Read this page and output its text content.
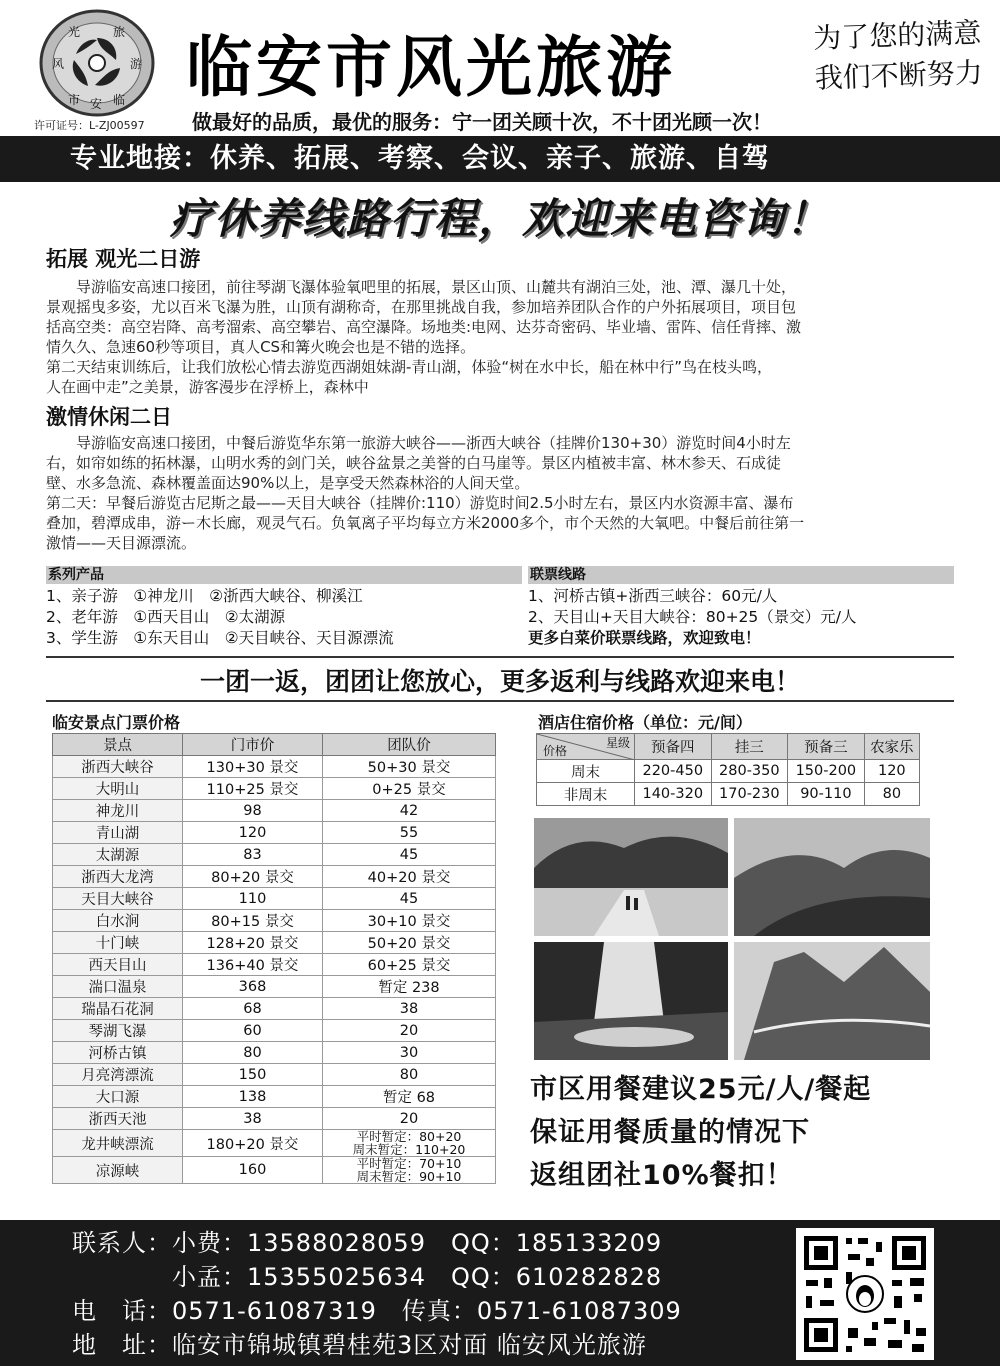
光	旅
风	游
市 安 临
许可证号：L-ZJ00597
临安市风光旅游	为了您的满意
我们不断努力
做最好的品质，最优的服务：宁一团关顾十次，不十团光顾一次！
专业地接：休养、拓展、考察、会议、亲子、旅游、自驾
疗休养线路行程，欢迎来电咨询！
拓展 观光二日游
　　导游临安高速口接团，前往琴湖飞瀑体验氧吧里的拓展，景区山顶、山麓共有湖泊三处，池、潭、瀑几十处，
景观摇曳多姿，尤以百米飞瀑为胜，山顶有湖称奇，在那里挑战自我，参加培养团队合作的户外拓展项目，项目包
括高空类：高空岩降、高考溜索、高空攀岩、高空瀑降。场地类:电网、达芬奇密码、毕业墙、雷阵、信任背摔、激
情久久、急速60秒等项目，真人CS和篝火晚会也是不错的选择。
第二天结束训练后，让我们放松心情去游览西湖姐妹湖-青山湖，体验“树在水中长，船在林中行”鸟在枝头鸣，
人在画中走”之美景，游客漫步在浮桥上，森林中
激情休闲二日
　　导游临安高速口接团，中餐后游览华东第一旅游大峡谷——浙西大峡谷（挂牌价130+30）游览时间4小时左
右，如帘如练的拓林瀑，山明水秀的剑门关，峡谷盆景之美誉的白马崖等。景区内植被丰富、林木参天、石成徒
壁、水多急流、森林覆盖面达90%以上，是享受天然森林浴的人间天堂。
第二天：早餐后游览古尼斯之最——天目大峡谷（挂牌价:110）游览时间2.5小时左右，景区内水资源丰富、瀑布
叠加，碧潭成串，游ー木长廊，观灵气石。负氧离子平均每立方米2000多个，市个天然的大氧吧。中餐后前往第一
激情——天目源漂流。
系列产品	联票线路
1、亲子游　①神龙川　②浙西大峡谷、柳溪江
2、老年游　①西天目山　②太湖源
3、学生游　①东天目山　②天目峡谷、天目源漂流
1、河桥古镇+浙西三峡谷：60元/人
2、天目山+天目大峡谷：80+25（景交）元/人
更多白菜价联票线路，欢迎致电！
一团一返，团团让您放心，更多返利与线路欢迎来电！
临安景点门票价格
景点	门市价	团队价
浙西大峡谷	130+30 景交	50+30 景交
大明山	110+25 景交	0+25 景交
神龙川	98	42
青山湖	120	55
太湖源	83	45
浙西大龙湾	80+20 景交	40+20 景交
天目大峡谷	110	45
白水涧	80+15 景交	30+10 景交
十门峡	128+20 景交	50+20 景交
西天目山	136+40 景交	60+25 景交
湍口温泉	368	暂定 238
瑞晶石花洞	68	38
琴湖飞瀑	60	20
河桥古镇	80	30
月亮湾漂流	150	80
大口源	138	暂定 68
浙西天池	38	20
龙井峡漂流	180+20 景交	平时暂定：80+20
周末暂定：110+20
凉源峡	160	平时暂定：70+10
周末暂定：90+10
酒店住宿价格（单位：元/间）
星级
价格	预备四	挂三	预备三	农家乐
周末	220-450	280-350	150-200	120
非周末	140-320	170-230	90-110	80
市区用餐建议25元/人/餐起
保证用餐质量的情况下
返组团社10%餐扣！
联系人：小费：13588028059　QQ：185133209
　　　　小孟：15355025634　QQ：610282828
电　话：0571-61087319　传真：0571-61087309
地　址：临安市锦城镇碧桂苑3区对面 临安风光旅游
